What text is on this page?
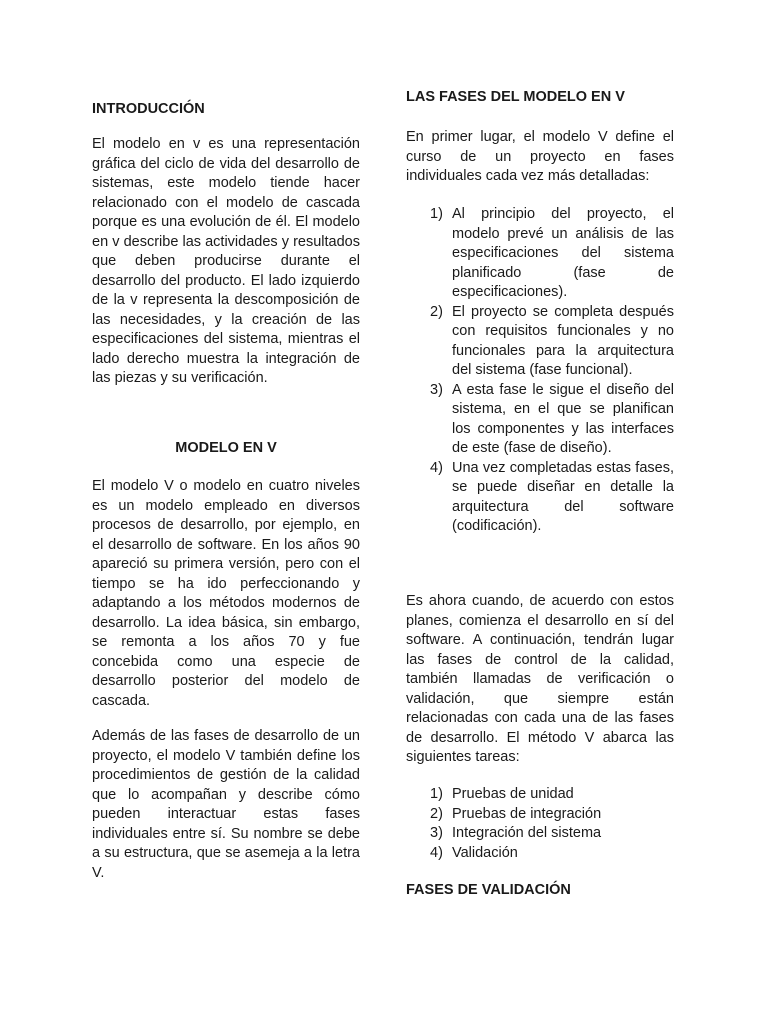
INTRODUCCIÓN

El modelo en v es una representación gráfica del ciclo de vida del desarrollo de sistemas, este modelo tiende hacer relacionado con el modelo de cascada porque es una evolución de él. El modelo en v describe las actividades y resultados que deben producirse durante el desarrollo del producto. El lado izquierdo de la v representa la descomposición de las necesidades, y la creación de las especificaciones del sistema, mientras el lado derecho muestra la integración de las piezas y su verificación.

MODELO EN V

El modelo V o modelo en cuatro niveles es un modelo empleado en diversos procesos de desarrollo, por ejemplo, en el desarrollo de software. En los años 90 apareció su primera versión, pero con el tiempo se ha ido perfeccionando y adaptando a los métodos modernos de desarrollo. La idea básica, sin embargo, se remonta a los años 70 y fue concebida como una especie de desarrollo posterior del modelo de cascada.

Además de las fases de desarrollo de un proyecto, el modelo V también define los procedimientos de gestión de la calidad que lo acompañan y describe cómo pueden interactuar estas fases individuales entre sí. Su nombre se debe a su estructura, que se asemeja a la letra V.

LAS FASES DEL MODELO EN V

En primer lugar, el modelo V define el curso de un proyecto en fases individuales cada vez más detalladas:

1) Al principio del proyecto, el modelo prevé un análisis de las especificaciones del sistema planificado (fase de especificaciones).
2) El proyecto se completa después con requisitos funcionales y no funcionales para la arquitectura del sistema (fase funcional).
3) A esta fase le sigue el diseño del sistema, en el que se planifican los componentes y las interfaces de este (fase de diseño).
4) Una vez completadas estas fases, se puede diseñar en detalle la arquitectura del software (codificación).

Es ahora cuando, de acuerdo con estos planes, comienza el desarrollo en sí del software. A continuación, tendrán lugar las fases de control de la calidad, también llamadas de verificación o validación, que siempre están relacionadas con cada una de las fases de desarrollo. El método V abarca las siguientes tareas:

1) Pruebas de unidad
2) Pruebas de integración
3) Integración del sistema
4) Validación
FASES DE VALIDACIÓN
